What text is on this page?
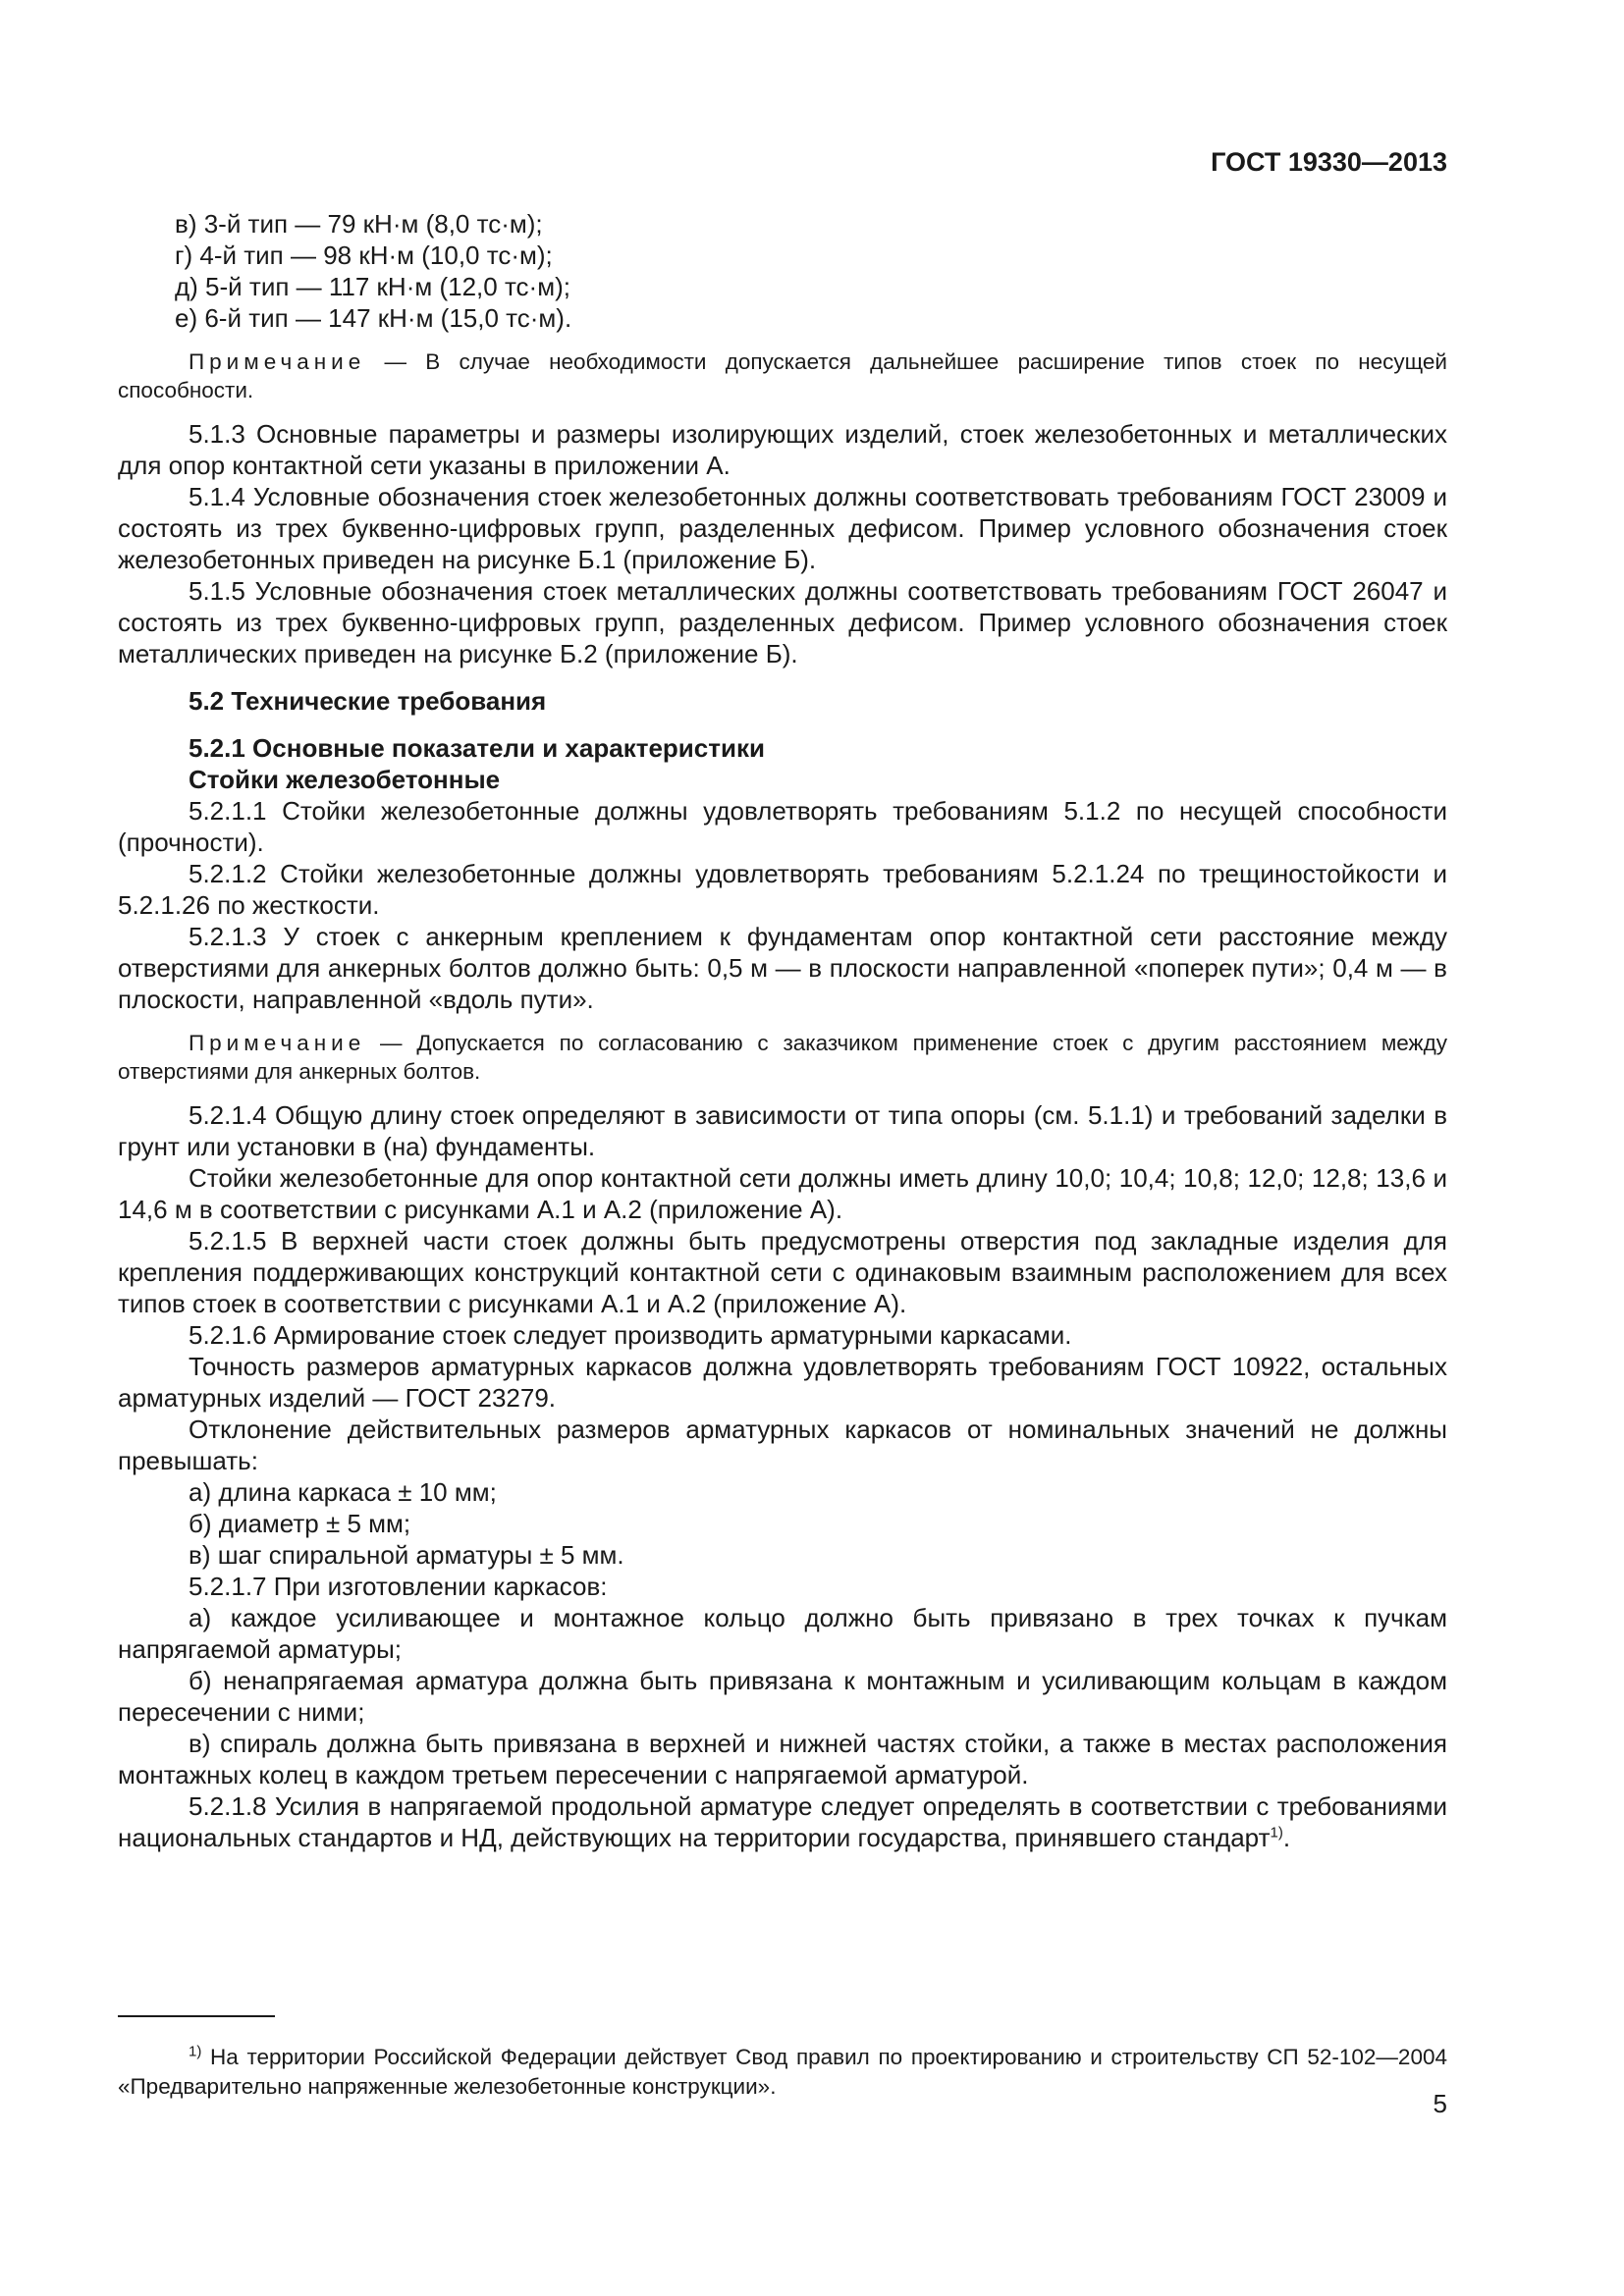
ГОСТ 19330—2013

в) 3-й тип — 79 кН·м (8,0 тс·м);

г) 4-й тип — 98 кН·м (10,0 тс·м);

д) 5-й тип — 117 кН·м (12,0 тс·м);

е) 6-й тип — 147 кН·м (15,0 тс·м).

Примечание — В случае необходимости допускается дальнейшее расширение типов стоек по несущей способности.

5.1.3 Основные параметры и размеры изолирующих изделий, стоек железобетонных и металлических для опор контактной сети указаны в приложении А.

5.1.4 Условные обозначения стоек железобетонных должны соответствовать требованиям ГОСТ 23009 и состоять из трех буквенно-цифровых групп, разделенных дефисом. Пример условного обозначения стоек железобетонных приведен на рисунке Б.1 (приложение Б).

5.1.5 Условные обозначения стоек металлических должны соответствовать требованиям ГОСТ 26047 и состоять из трех буквенно-цифровых групп, разделенных дефисом. Пример условного обозначения стоек металлических приведен на рисунке Б.2 (приложение Б).

5.2 Технические требования

5.2.1 Основные показатели и характеристики

Стойки железобетонные

5.2.1.1 Стойки железобетонные должны удовлетворять требованиям 5.1.2 по несущей способности (прочности).

5.2.1.2 Стойки железобетонные должны удовлетворять требованиям 5.2.1.24 по трещиностойкости и 5.2.1.26 по жесткости.

5.2.1.3 У стоек с анкерным креплением к фундаментам опор контактной сети расстояние между отверстиями для анкерных болтов должно быть: 0,5 м — в плоскости направленной «поперек пути»; 0,4 м — в плоскости, направленной «вдоль пути».

Примечание — Допускается по согласованию с заказчиком применение стоек с другим расстоянием между отверстиями для анкерных болтов.

5.2.1.4 Общую длину стоек определяют в зависимости от типа опоры (см. 5.1.1) и требований заделки в грунт или установки в (на) фундаменты.

Стойки железобетонные для опор контактной сети должны иметь длину 10,0; 10,4; 10,8; 12,0; 12,8; 13,6 и 14,6 м в соответствии с рисунками А.1 и А.2 (приложение А).

5.2.1.5 В верхней части стоек должны быть предусмотрены отверстия под закладные изделия для крепления поддерживающих конструкций контактной сети с одинаковым взаимным расположением для всех типов стоек в соответствии с рисунками А.1 и А.2 (приложение А).

5.2.1.6 Армирование стоек следует производить арматурными каркасами.

Точность размеров арматурных каркасов должна удовлетворять требованиям ГОСТ 10922, остальных арматурных изделий — ГОСТ 23279.

Отклонение действительных размеров арматурных каркасов от номинальных значений не должны превышать:

а) длина каркаса ± 10 мм;

б) диаметр ± 5 мм;

в) шаг спиральной арматуры ± 5 мм.

5.2.1.7 При изготовлении каркасов:

а) каждое усиливающее и монтажное кольцо должно быть привязано в трех точках к пучкам напрягаемой арматуры;

б) ненапрягаемая арматура должна быть привязана к монтажным и усиливающим кольцам в каждом пересечении с ними;

в) спираль должна быть привязана в верхней и нижней частях стойки, а также в местах расположения монтажных колец в каждом третьем пересечении с напрягаемой арматурой.

5.2.1.8 Усилия в напрягаемой продольной арматуре следует определять в соответствии с требованиями национальных стандартов и НД, действующих на территории государства, принявшего стандарт$^{1)}$.

$^{1)}$ На территории Российской Федерации действует Свод правил по проектированию и строительству СП 52-102—2004 «Предварительно напряженные железобетонные конструкции».

5
